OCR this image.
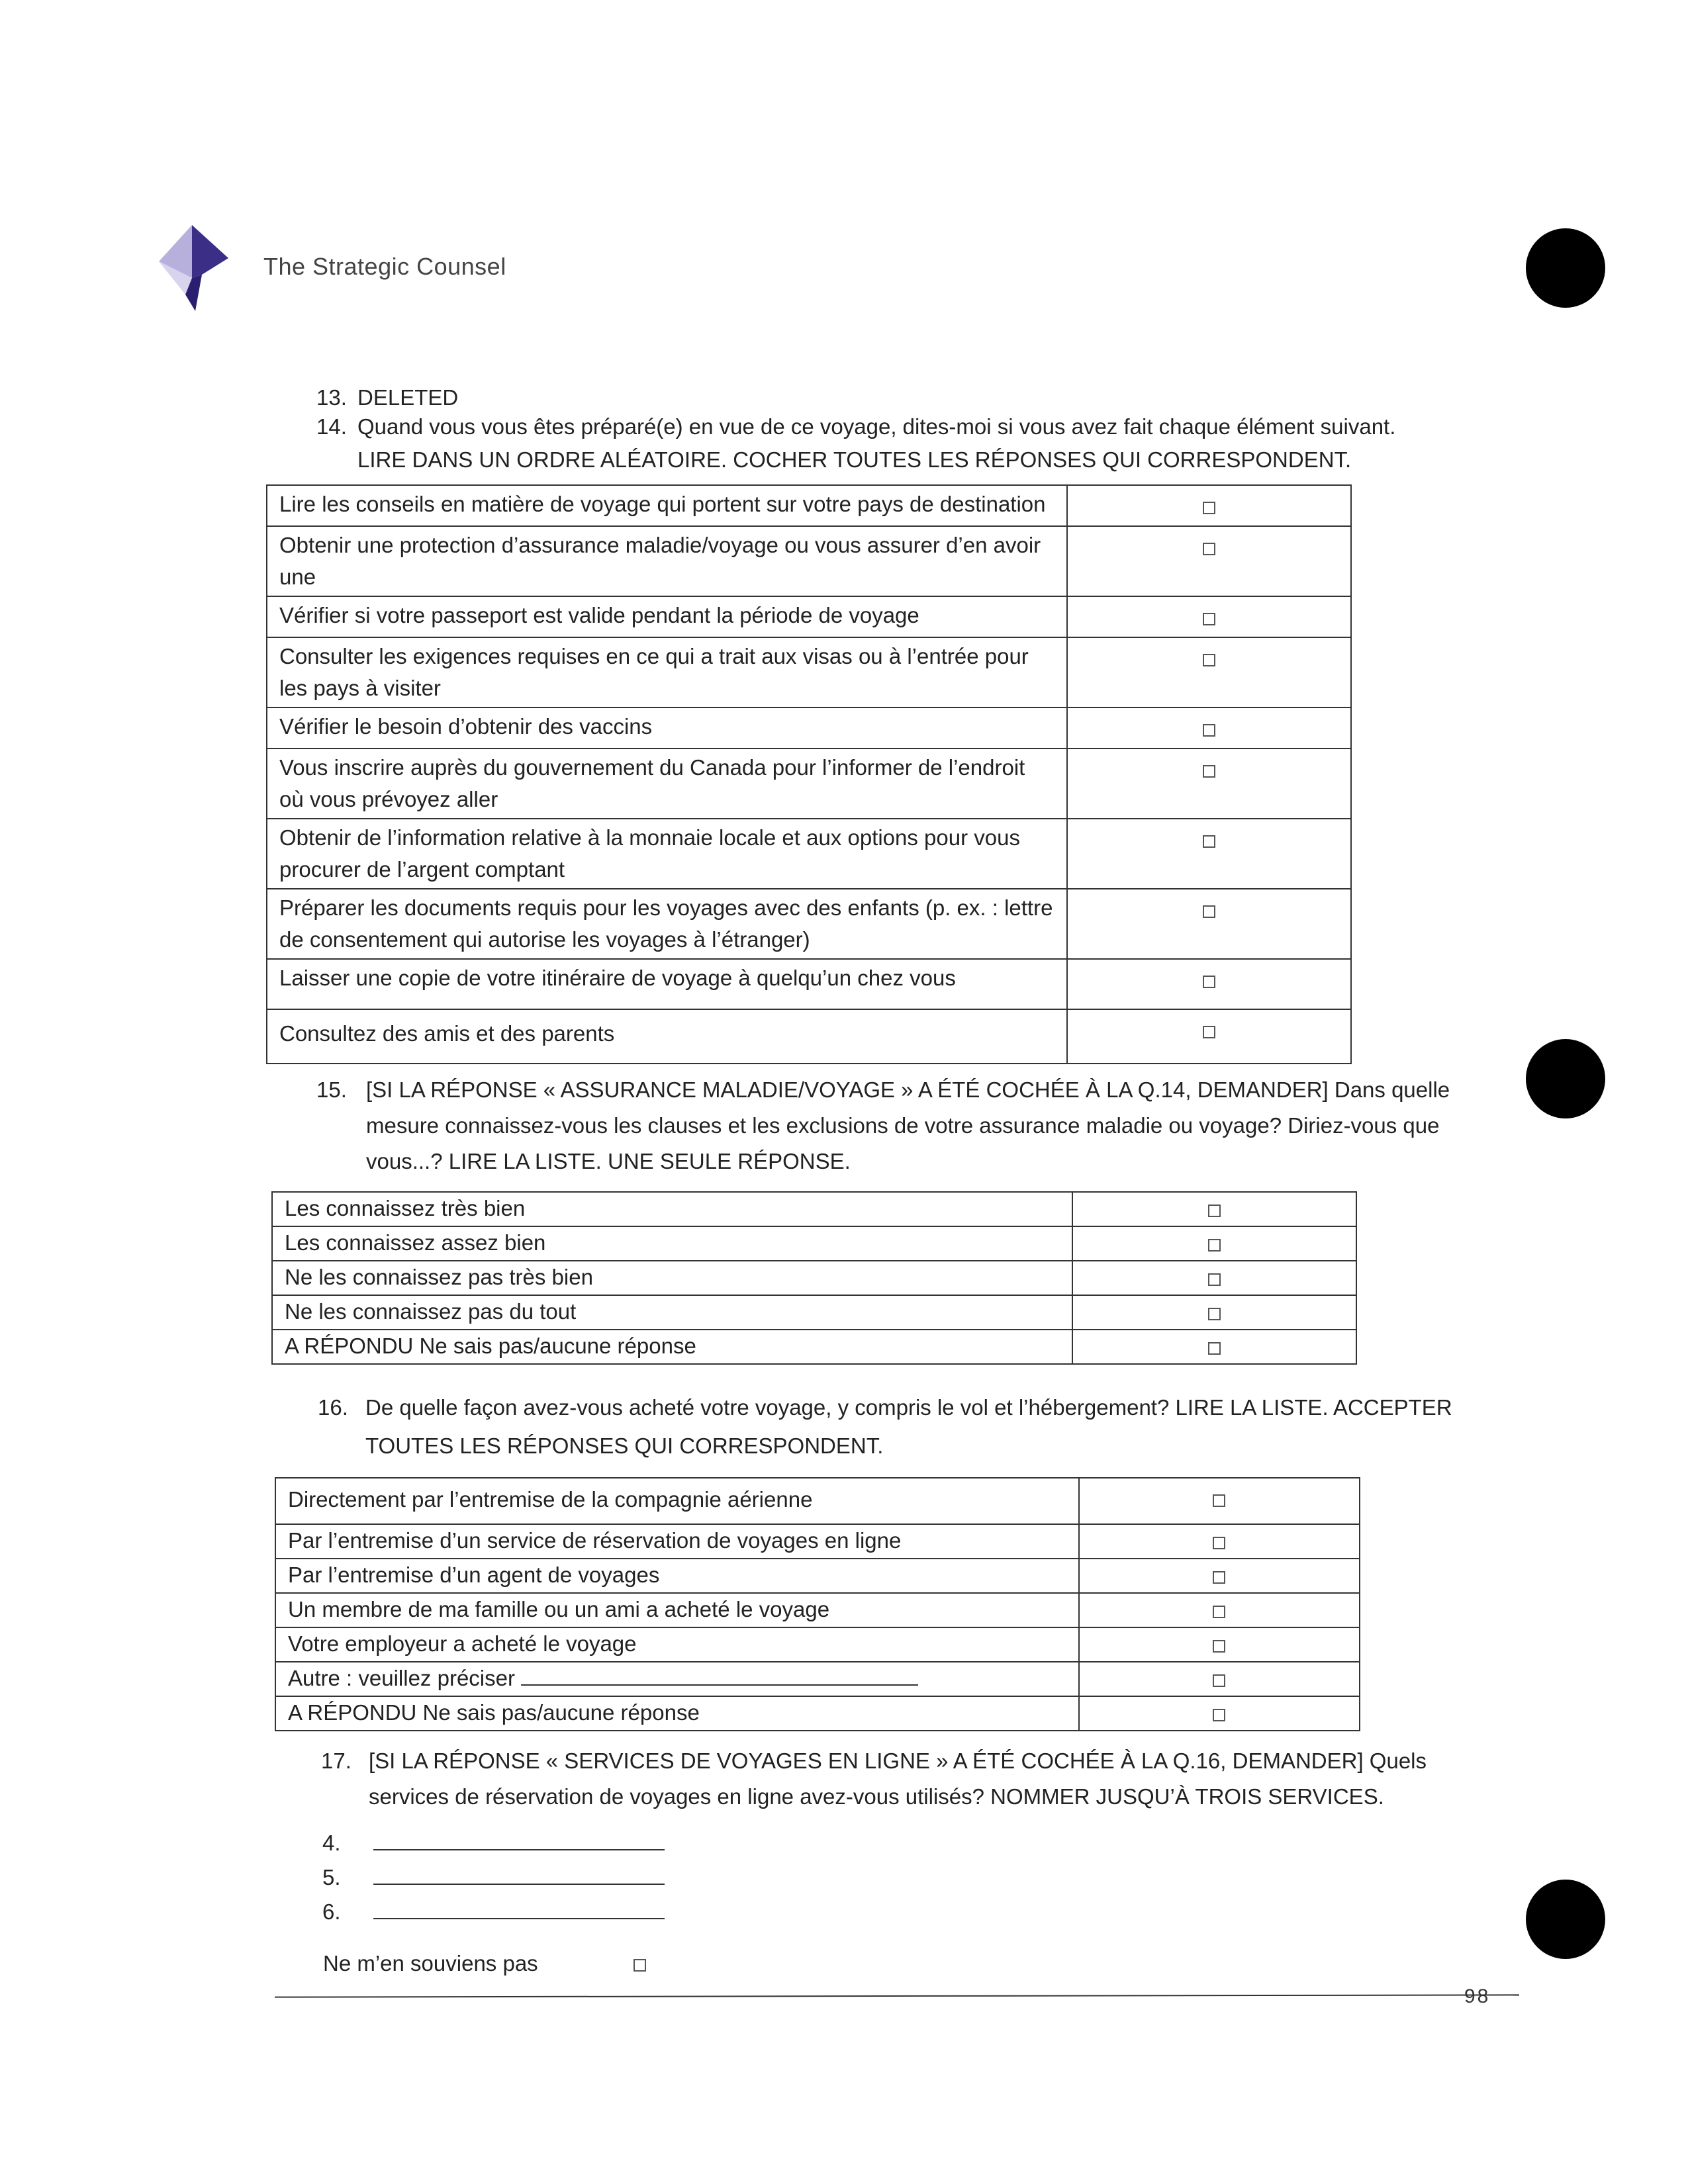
The Strategic Counsel
13. DELETED
14. Quand vous vous êtes préparé(e) en vue de ce voyage, dites-moi si vous avez fait chaque élément suivant.
LIRE DANS UN ORDRE ALÉATOIRE. COCHER TOUTES LES RÉPONSES QUI CORRESPONDENT.
Lire les conseils en matière de voyage qui portent sur votre pays de destination	
Obtenir une protection d’assurance maladie/voyage ou vous assurer d’en avoir une	
Vérifier si votre passeport est valide pendant la période de voyage	
Consulter les exigences requises en ce qui a trait aux visas ou à l’entrée pour les pays à visiter	
Vérifier le besoin d’obtenir des vaccins	
Vous inscrire auprès du gouvernement du Canada pour l’informer de l’endroit où vous prévoyez aller	
Obtenir de l’information relative à la monnaie locale et aux options pour vous procurer de l’argent comptant	
Préparer les documents requis pour les voyages avec des enfants (p. ex. : lettre de consentement qui autorise les voyages à l’étranger)	
Laisser une copie de votre itinéraire de voyage à quelqu’un chez vous	
Consultez des amis et des parents	
15. [SI LA RÉPONSE « ASSURANCE MALADIE/VOYAGE » A ÉTÉ COCHÉE À LA Q.14, DEMANDER] Dans quelle mesure connaissez-vous les clauses et les exclusions de votre assurance maladie ou voyage? Diriez-vous que vous...? LIRE LA LISTE. UNE SEULE RÉPONSE.
Les connaissez très bien	
Les connaissez assez bien	
Ne les connaissez pas très bien	
Ne les connaissez pas du tout	
A RÉPONDU Ne sais pas/aucune réponse	
16. De quelle façon avez-vous acheté votre voyage, y compris le vol et l’hébergement? LIRE LA LISTE. ACCEPTER TOUTES LES RÉPONSES QUI CORRESPONDENT.
Directement par l’entremise de la compagnie aérienne	
Par l’entremise d’un service de réservation de voyages en ligne	
Par l’entremise d’un agent de voyages	
Un membre de ma famille ou un ami a acheté le voyage	
Votre employeur a acheté le voyage	
Autre : veuillez préciser	
A RÉPONDU Ne sais pas/aucune réponse	
17. [SI LA RÉPONSE « SERVICES DE VOYAGES EN LIGNE » A ÉTÉ COCHÉE À LA Q.16, DEMANDER] Quels services de réservation de voyages en ligne avez-vous utilisés? NOMMER JUSQU’À TROIS SERVICES.
4.
5.
6.
Ne m’en souviens pas
98
